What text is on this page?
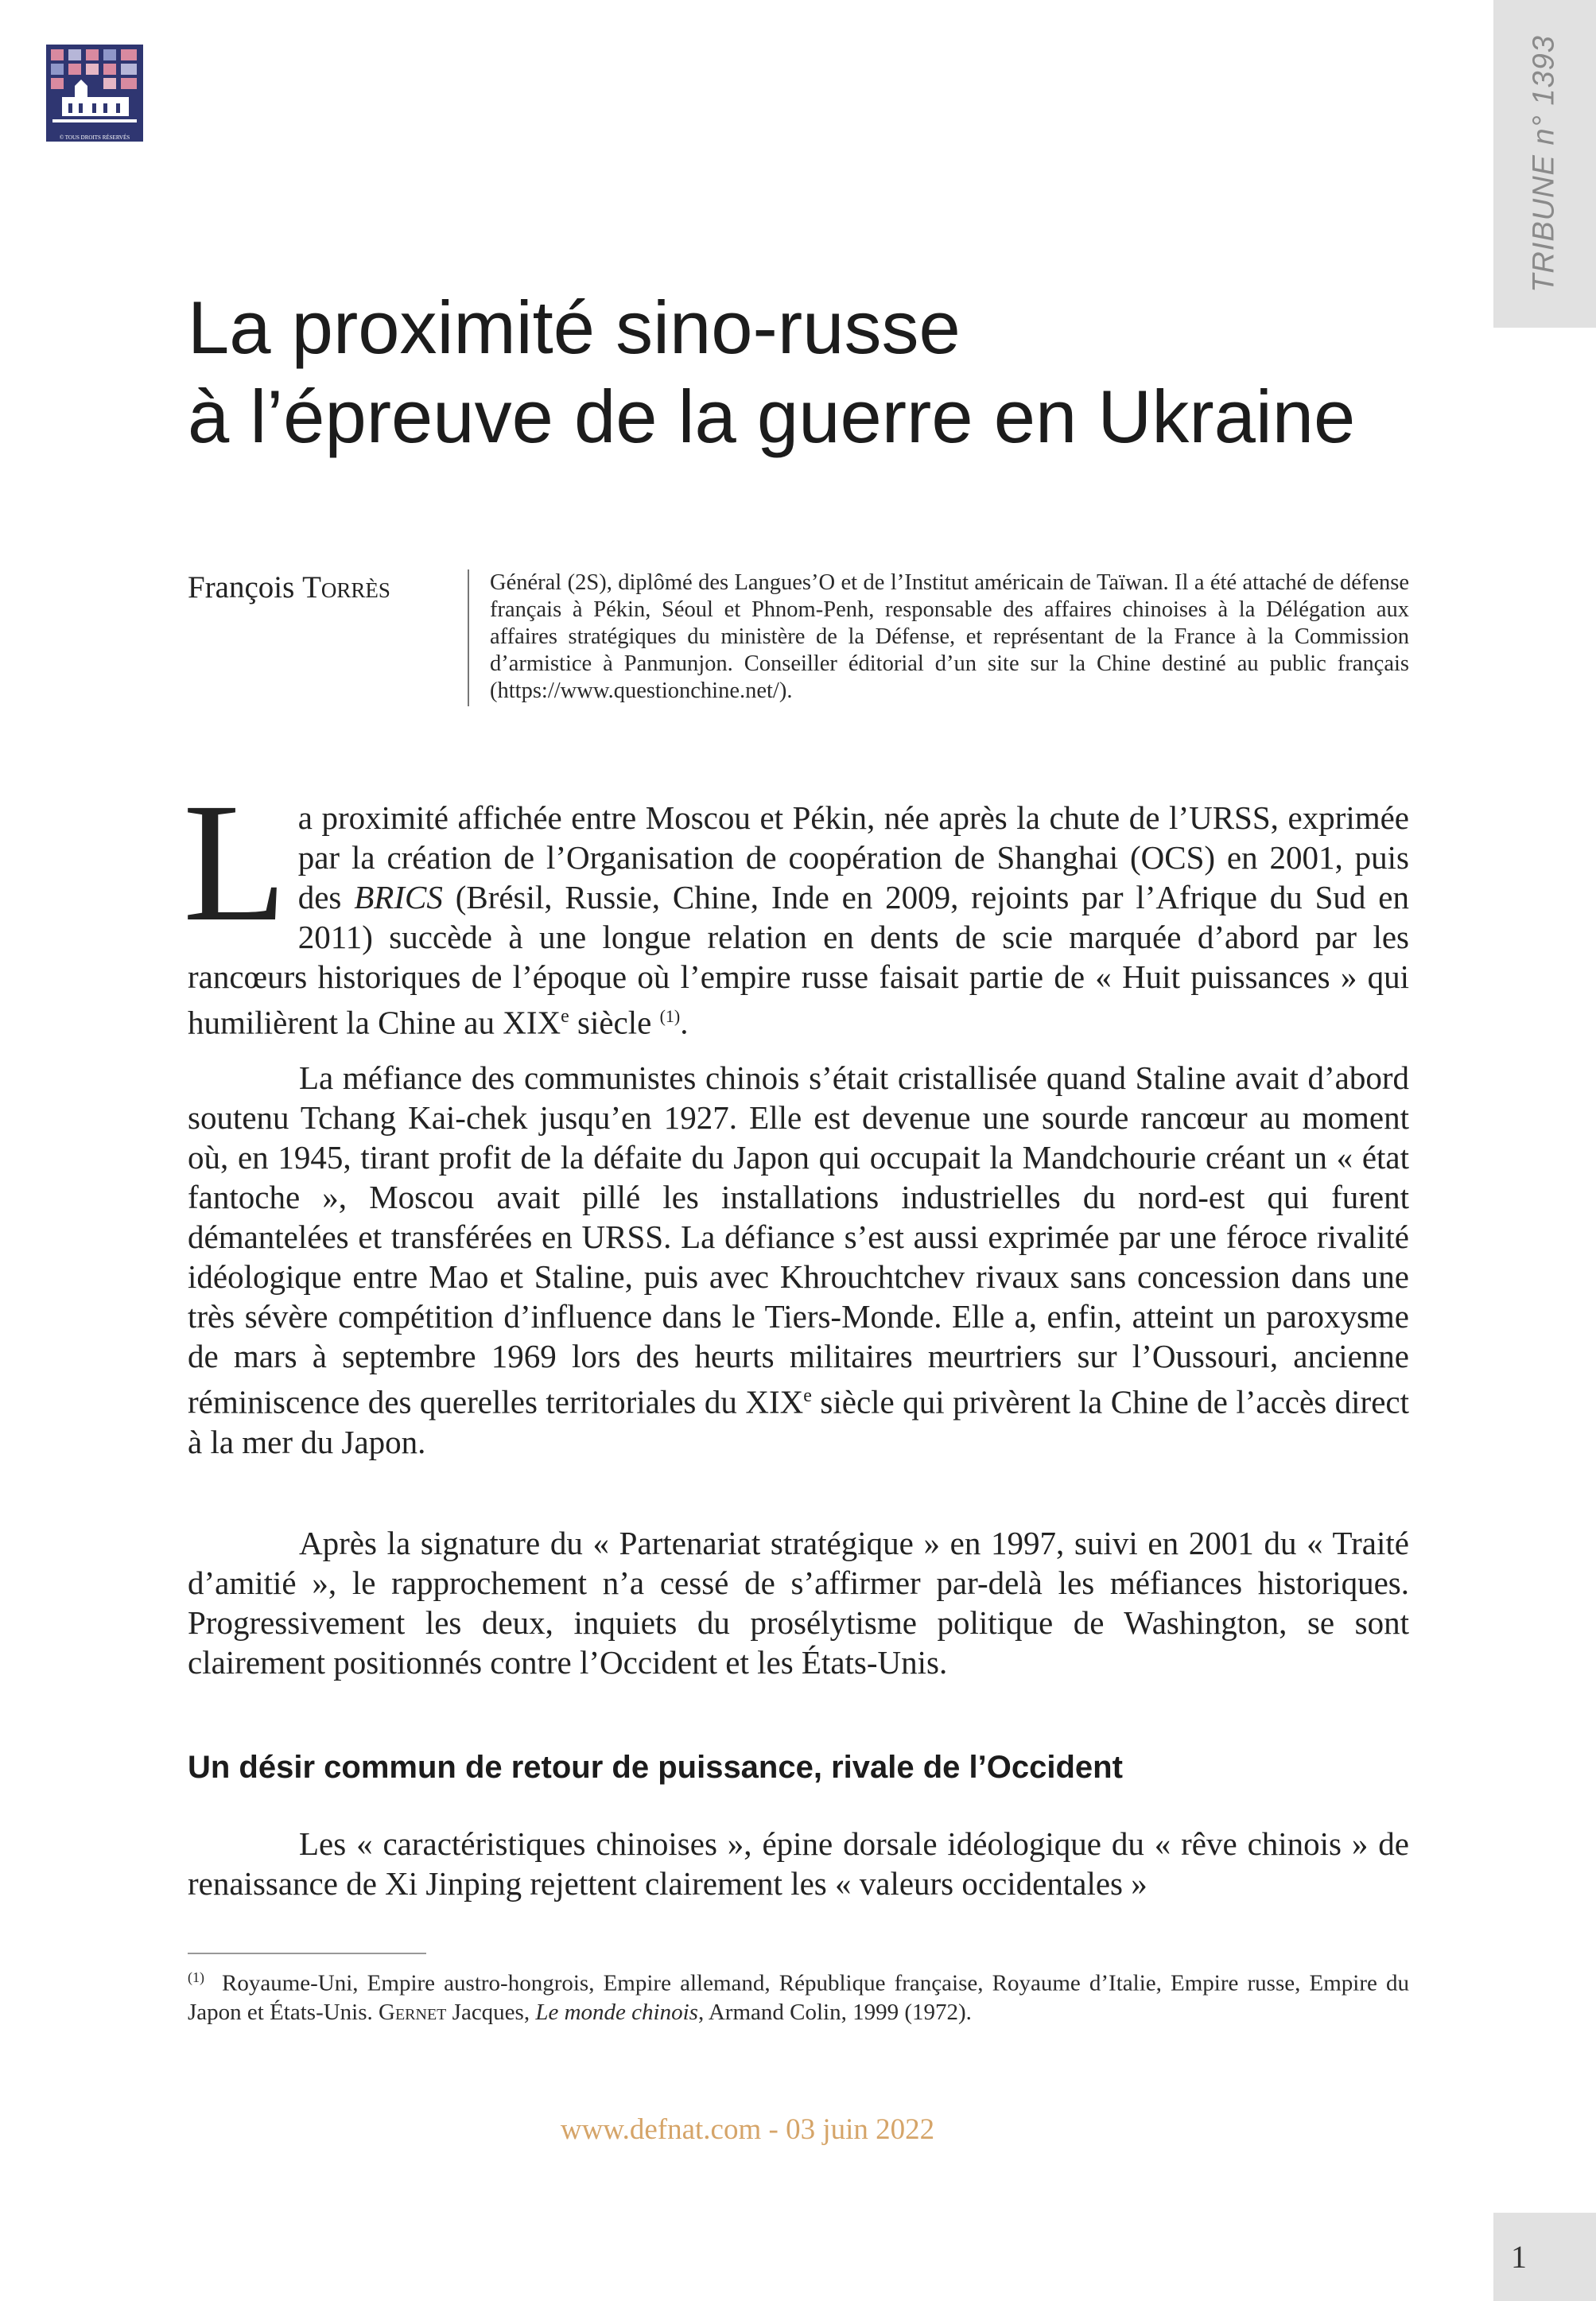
© TOUS DROITS RÉSERVÉS	TRIBUNE n° 1393
La proximité sino-russe
à l’épreuve de la guerre en Ukraine
François Torrès	Général (2S), diplômé des Langues’O et de l’Institut américain de Taïwan. Il a été attaché de défense français à Pékin, Séoul et Phnom-Penh, responsable des affaires chinoises à la Délégation aux affaires stratégiques du ministère de la Défense, et représentant de la France à la Commission d’armistice à Panmunjon. Conseiller éditorial d’un site sur la Chine destiné au public français (https://www.questionchine.net/).

La proximité affichée entre Moscou et Pékin, née après la chute de l’URSS, exprimée par la création de l’Organisation de coopération de Shanghai (OCS) en 2001, puis des BRICS (Brésil, Russie, Chine, Inde en 2009, rejoints par l’Afrique du Sud en 2011) succède à une longue relation en dents de scie marquée d’abord par les rancœurs historiques de l’époque où l’empire russe faisait partie de « Huit puissances » qui humilièrent la Chine au XIXe siècle $^{(1)}$.

La méfiance des communistes chinois s’était cristallisée quand Staline avait d’abord soutenu Tchang Kai-chek jusqu’en 1927. Elle est devenue une sourde rancœur au moment où, en 1945, tirant profit de la défaite du Japon qui occupait la Mandchourie créant un « état fantoche », Moscou avait pillé les installations industrielles du nord-est qui furent démantelées et transférées en URSS. La défiance s’est aussi exprimée par une féroce rivalité idéologique entre Mao et Staline, puis avec Khrouchtchev rivaux sans concession dans une très sévère compétition d’influence dans le Tiers-Monde. Elle a, enfin, atteint un paroxysme de mars à septembre 1969 lors des heurts militaires meurtriers sur l’Oussouri, ancienne réminiscence des querelles territoriales du XIXe siècle qui privèrent la Chine de l’accès direct à la mer du Japon.

Après la signature du « Partenariat stratégique » en 1997, suivi en 2001 du « Traité d’amitié », le rapprochement n’a cessé de s’affirmer par-delà les méfiances historiques. Progressivement les deux, inquiets du prosélytisme politique de Washington, se sont clairement positionnés contre l’Occident et les États-Unis.

Un désir commun de retour de puissance, rivale de l’Occident

Les « caractéristiques chinoises », épine dorsale idéologique du « rêve chinois » de renaissance de Xi Jinping rejettent clairement les « valeurs occidentales »

$^{(1)}$ Royaume-Uni, Empire austro-hongrois, Empire allemand, République française, Royaume d’Italie, Empire russe, Empire du Japon et États-Unis. Gernet Jacques, Le monde chinois, Armand Colin, 1999 (1972).

www.defnat.com - 03 juin 2022
1
